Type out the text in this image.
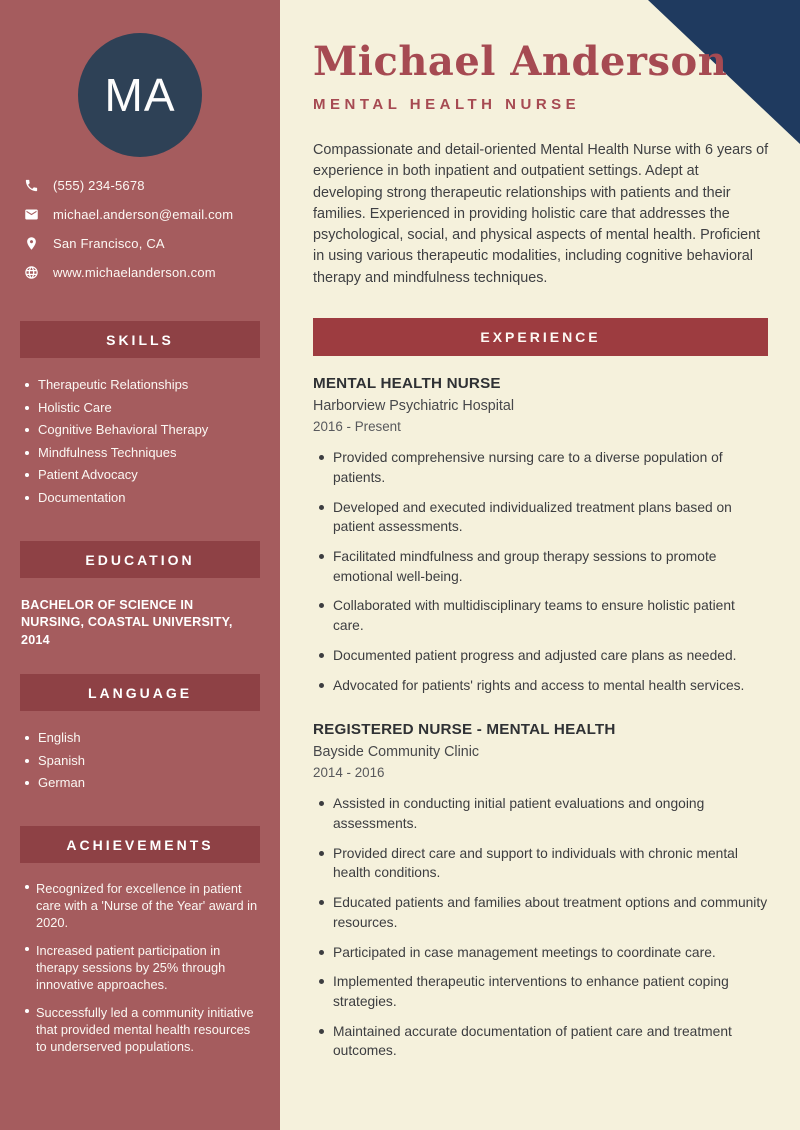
MA
(555) 234-5678
michael.anderson@email.com
San Francisco, CA
www.michaelanderson.com
SKILLS
Therapeutic Relationships
Holistic Care
Cognitive Behavioral Therapy
Mindfulness Techniques
Patient Advocacy
Documentation
EDUCATION
BACHELOR OF SCIENCE IN NURSING, COASTAL UNIVERSITY, 2014
LANGUAGE
English
Spanish
German
ACHIEVEMENTS
Recognized for excellence in patient care with a 'Nurse of the Year' award in 2020.
Increased patient participation in therapy sessions by 25% through innovative approaches.
Successfully led a community initiative that provided mental health resources to underserved populations.
Michael Anderson
MENTAL HEALTH NURSE

Compassionate and detail-oriented Mental Health Nurse with 6 years of experience in both inpatient and outpatient settings. Adept at developing strong therapeutic relationships with patients and their families. Experienced in providing holistic care that addresses the psychological, social, and physical aspects of mental health. Proficient in using various therapeutic modalities, including cognitive behavioral therapy and mindfulness techniques.

EXPERIENCE
MENTAL HEALTH NURSE
Harborview Psychiatric Hospital
2016 - Present
Provided comprehensive nursing care to a diverse population of patients.
Developed and executed individualized treatment plans based on patient assessments.
Facilitated mindfulness and group therapy sessions to promote emotional well-being.
Collaborated with multidisciplinary teams to ensure holistic patient care.
Documented patient progress and adjusted care plans as needed.
Advocated for patients' rights and access to mental health services.
REGISTERED NURSE - MENTAL HEALTH
Bayside Community Clinic
2014 - 2016
Assisted in conducting initial patient evaluations and ongoing assessments.
Provided direct care and support to individuals with chronic mental health conditions.
Educated patients and families about treatment options and community resources.
Participated in case management meetings to coordinate care.
Implemented therapeutic interventions to enhance patient coping strategies.
Maintained accurate documentation of patient care and treatment outcomes.
